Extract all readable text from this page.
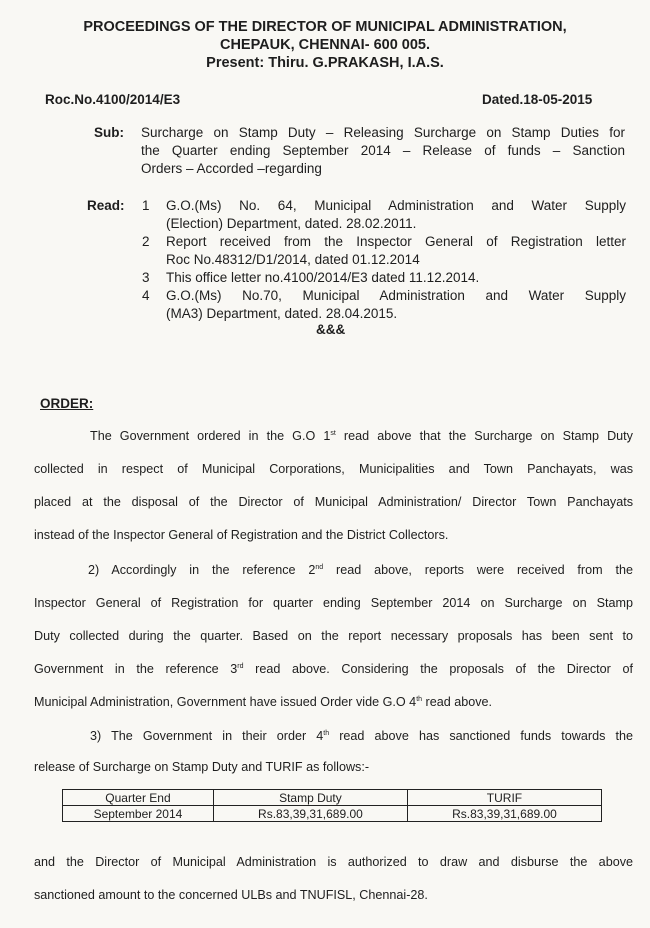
PROCEEDINGS OF THE DIRECTOR OF MUNICIPAL ADMINISTRATION,
CHEPAUK, CHENNAI- 600 005.
Present: Thiru. G.PRAKASH, I.A.S.
Roc.No.4100/2014/E3	Dated.18-05-2015
Sub: Surcharge on Stamp Duty – Releasing Surcharge on Stamp Duties for
the Quarter ending September 2014 – Release of funds – Sanction
Orders – Accorded –regarding
Read: 1 G.O.(Ms) No. 64, Municipal Administration and Water Supply
(Election) Department, dated. 28.02.2011.
2 Report received from the Inspector General of Registration letter
Roc No.48312/D1/2014, dated 01.12.2014
3 This office letter no.4100/2014/E3 dated 11.12.2014.
4 G.O.(Ms) No.70, Municipal Administration and Water Supply
(MA3) Department, dated. 28.04.2015.
&&&
ORDER:
The Government ordered in the G.O 1st read above that the Surcharge on Stamp Duty
collected in respect of Municipal Corporations, Municipalities and Town Panchayats, was
placed at the disposal of the Director of Municipal Administration/ Director Town Panchayats
instead of the Inspector General of Registration and the District Collectors.
2) Accordingly in the reference 2nd read above, reports were received from the
Inspector General of Registration for quarter ending September 2014 on Surcharge on Stamp
Duty collected during the quarter. Based on the report necessary proposals has been sent to
Government in the reference 3rd read above. Considering the proposals of the Director of
Municipal Administration, Government have issued Order vide G.O 4th read above.
3) The Government in their order 4th read above has sanctioned funds towards the
release of Surcharge on Stamp Duty and TURIF as follows:-
Quarter End	Stamp Duty	TURIF
September 2014	Rs.83,39,31,689.00	Rs.83,39,31,689.00
and the Director of Municipal Administration is authorized to draw and disburse the above
sanctioned amount to the concerned ULBs and TNUFISL, Chennai-28.
